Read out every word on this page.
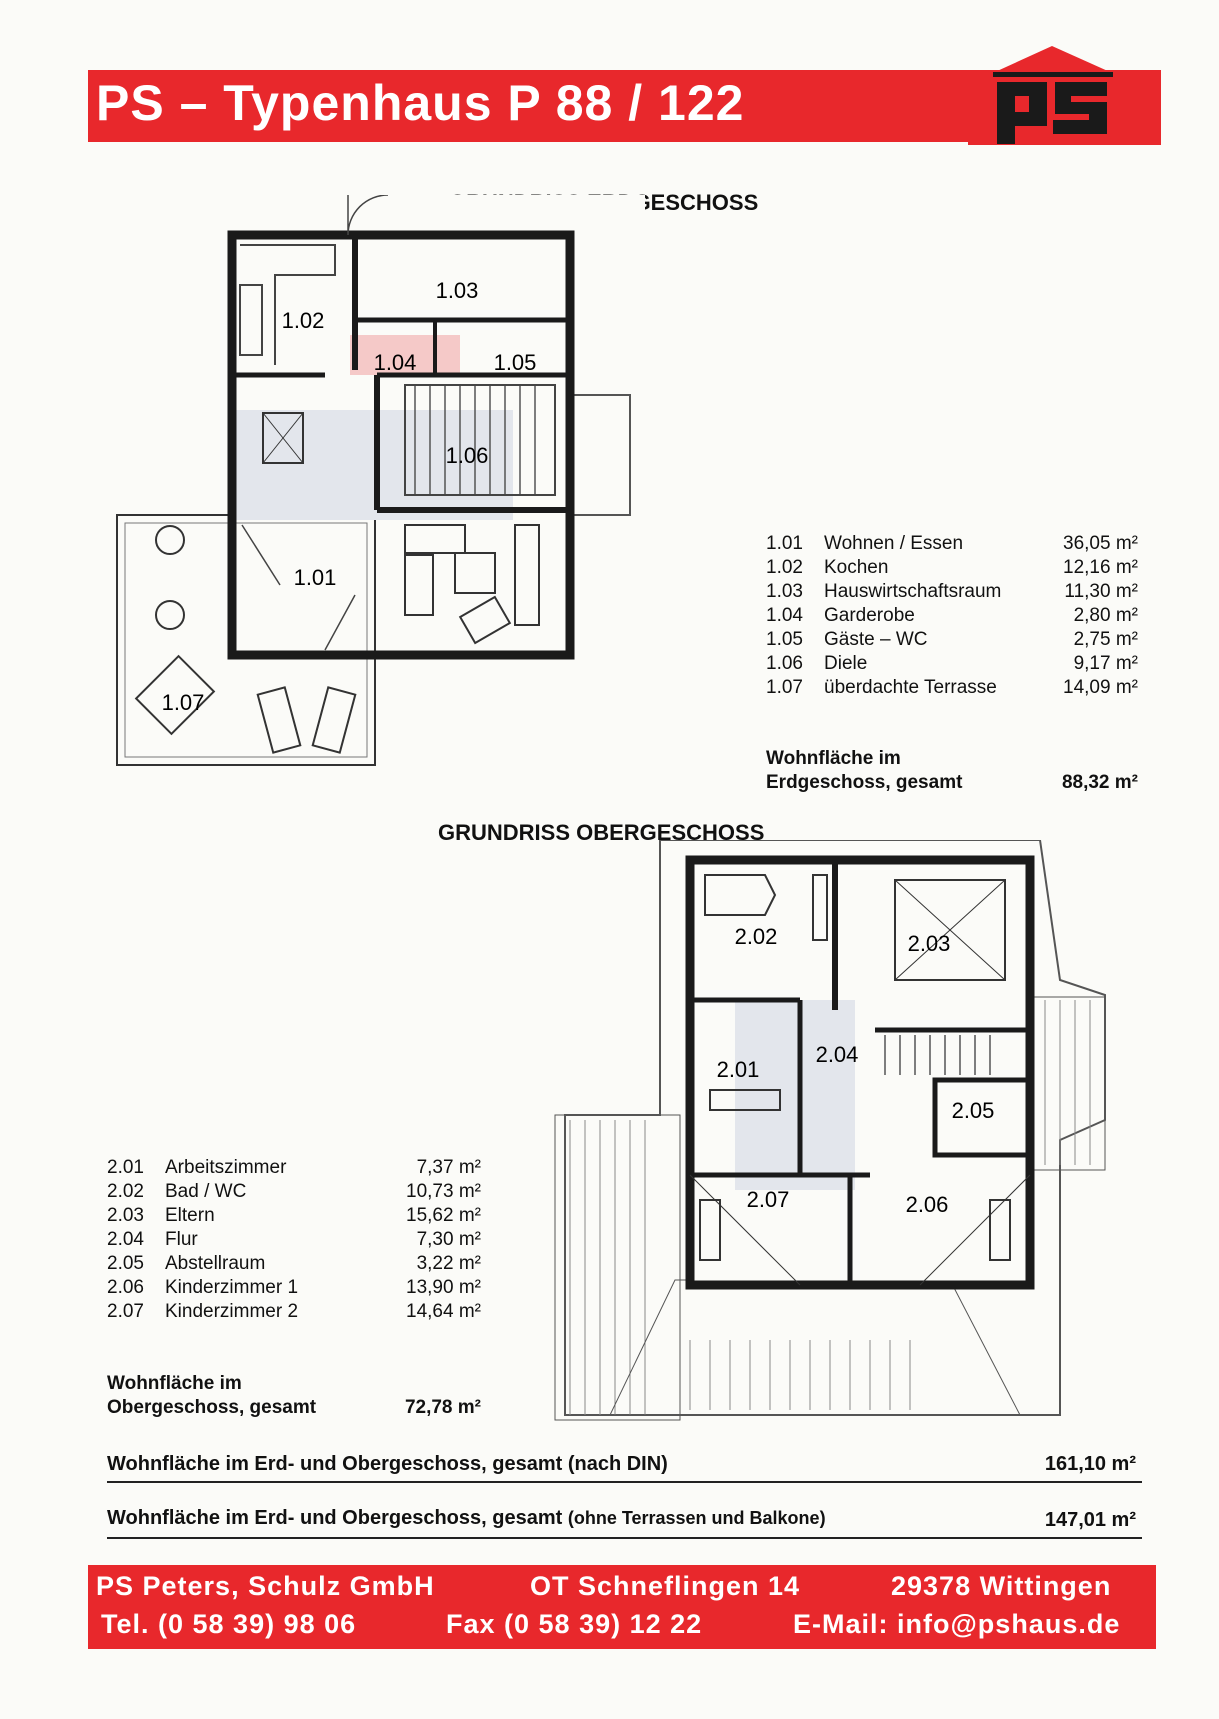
PS – Typenhaus P 88 / 122
GRUNDRISS ERDGESCHOSS
1.01
1.02
1.03
1.04	1.05
1.06
1.07
1.01 Wohnen / Essen	36,05 m²
1.02 Kochen	12,16 m²
1.03 Hauswirtschaftsraum	11,30 m²
1.04 Garderobe	2,80 m²
1.05 Gäste – WC	2,75 m²
1.06 Diele	9,17 m²
1.07 überdachte Terrasse	14,09 m²
Wohnfläche im
Erdgeschoss, gesamt	88,32 m²
GRUNDRISS OBERGESCHOSS
2.02	2.03
2.01
2.04
2.05
2.06
2.07
2.01 Arbeitszimmer	7,37 m²
2.02 Bad / WC	10,73 m²
2.03 Eltern	15,62 m²
2.04 Flur	7,30 m²
2.05 Abstellraum	3,22 m²
2.06 Kinderzimmer 1	13,90 m²
2.07 Kinderzimmer 2	14,64 m²
Wohnfläche im
Obergeschoss, gesamt	72,78 m²
Wohnfläche im Erd- und Obergeschoss, gesamt (nach DIN)	161,10 m²
Wohnfläche im Erd- und Obergeschoss, gesamt (ohne Terrassen und Balkone)	147,01 m²
PS Peters, Schulz GmbH	OT Schneflingen 14	29378 Wittingen
Tel. (0 58 39) 98 06	Fax (0 58 39) 12 22	E-Mail: info@pshaus.de
